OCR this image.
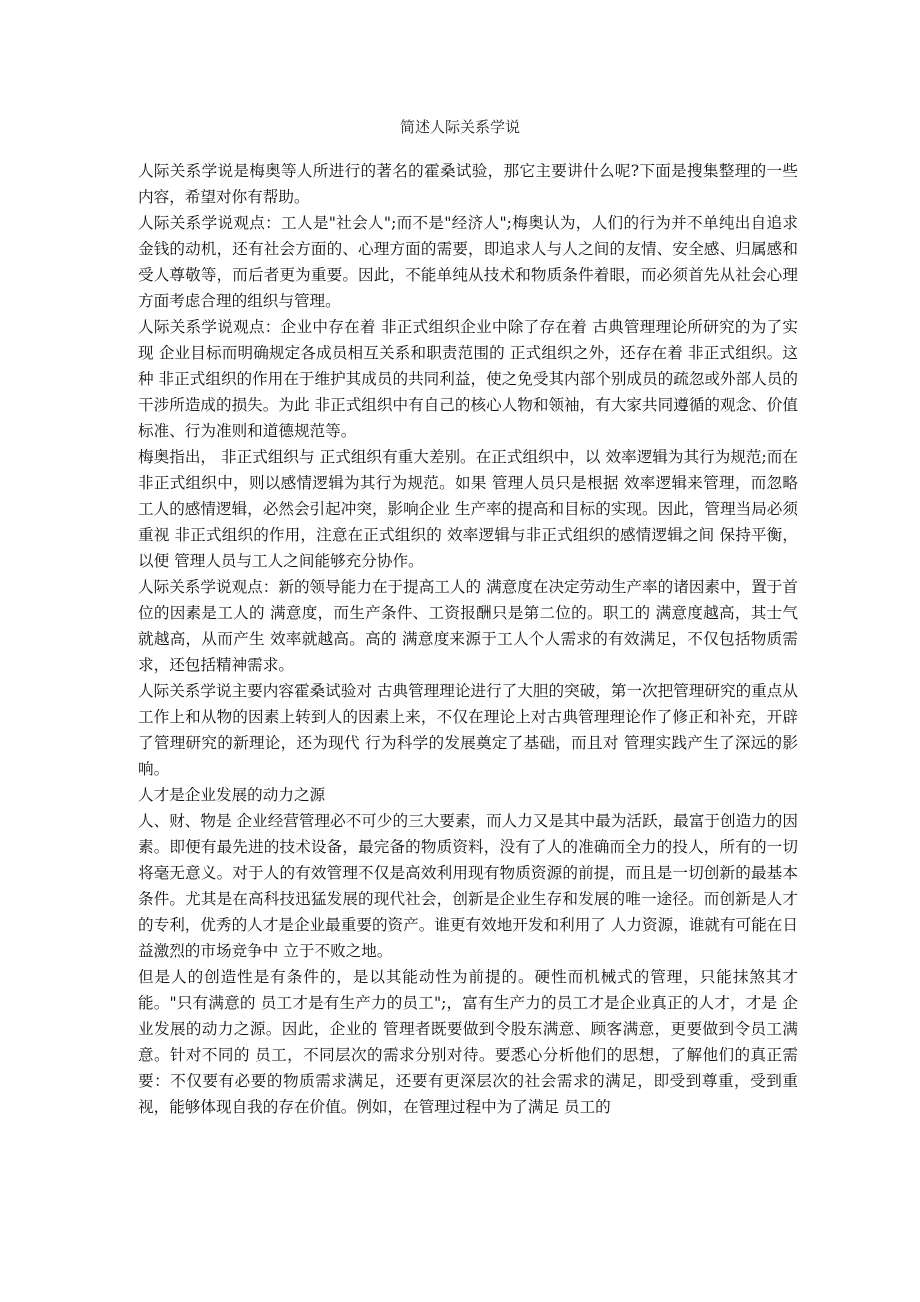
简述人际关系学说

人际关系学说是梅奥等人所进行的著名的霍桑试验，那它主要讲什么呢?下面是搜集整理的一些内容，希望对你有帮助。

人际关系学说观点：工人是"社会人";而不是"经济人";梅奥认为，人们的行为并不单纯出自追求金钱的动机，还有社会方面的、心理方面的需要，即追求人与人之间的友情、安全感、归属感和受人尊敬等，而后者更为重要。因此，不能单纯从技术和物质条件着眼，而必须首先从社会心理方面考虑合理的组织与管理。

人际关系学说观点：企业中存在着 非正式组织企业中除了存在着 古典管理理论所研究的为了实现 企业目标而明确规定各成员相互关系和职责范围的 正式组织之外，还存在着 非正式组织。这种 非正式组织的作用在于维护其成员的共同利益，使之免受其内部个别成员的疏忽或外部人员的干涉所造成的损失。为此 非正式组织中有自己的核心人物和领袖，有大家共同遵循的观念、价值标准、行为准则和道德规范等。

梅奥指出， 非正式组织与 正式组织有重大差别。在正式组织中，以 效率逻辑为其行为规范;而在 非正式组织中，则以感情逻辑为其行为规范。如果 管理人员只是根据 效率逻辑来管理，而忽略工人的感情逻辑，必然会引起冲突，影响企业 生产率的提高和目标的实现。因此，管理当局必须重视 非正式组织的作用，注意在正式组织的 效率逻辑与非正式组织的感情逻辑之间 保持平衡，以便 管理人员与工人之间能够充分协作。

人际关系学说观点：新的领导能力在于提高工人的 满意度在决定劳动生产率的诸因素中，置于首位的因素是工人的 满意度，而生产条件、工资报酬只是第二位的。职工的 满意度越高，其士气就越高，从而产生 效率就越高。高的 满意度来源于工人个人需求的有效满足，不仅包括物质需求，还包括精神需求。

人际关系学说主要内容霍桑试验对 古典管理理论进行了大胆的突破，第一次把管理研究的重点从工作上和从物的因素上转到人的因素上来，不仅在理论上对古典管理理论作了修正和补充，开辟了管理研究的新理论，还为现代 行为科学的发展奠定了基础，而且对 管理实践产生了深远的影响。

人才是企业发展的动力之源

人、财、物是 企业经营管理必不可少的三大要素，而人力又是其中最为活跃，最富于创造力的因素。即便有最先进的技术设备，最完备的物质资料，没有了人的准确而全力的投人，所有的一切将毫无意义。对于人的有效管理不仅是高效利用现有物质资源的前提，而且是一切创新的最基本条件。尤其是在高科技迅猛发展的现代社会，创新是企业生存和发展的唯一途径。而创新是人才的专利，优秀的人才是企业最重要的资产。谁更有效地开发和利用了 人力资源，谁就有可能在日益激烈的市场竞争中 立于不败之地。

但是人的创造性是有条件的，是以其能动性为前提的。硬性而机械式的管理，只能抹煞其才能。"只有满意的 员工才是有生产力的员工";，富有生产力的员工才是企业真正的人才，才是 企业发展的动力之源。因此，企业的 管理者既要做到令股东满意、顾客满意，更要做到令员工满意。针对不同的 员工，不同层次的需求分别对待。要悉心分析他们的思想，了解他们的真正需要：不仅要有必要的物质需求满足，还要有更深层次的社会需求的满足，即受到尊重，受到重视，能够体现自我的存在价值。例如，在管理过程中为了满足 员工的
